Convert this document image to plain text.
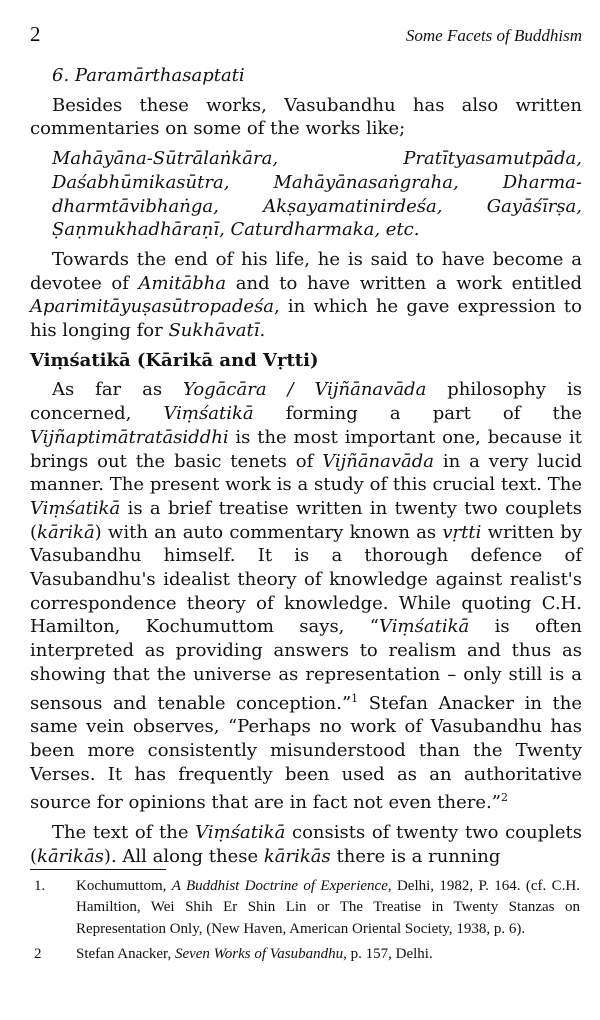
2	Some Facets of Buddhism

6. Paramārthasaptati

Besides these works, Vasubandhu has also written commentaries on some of the works like;

Mahāyāna-Sūtrālaṅkāra, Pratītyasamutpāda, Daśabhūmikasūtra, Mahāyānasaṅgraha, Dharma-dharmtāvibhaṅga, Akṣayamatinirdeśa, Gayāśīrṣa, Ṣaṇmukhadhāraṇī, Caturdharmaka, etc.

Towards the end of his life, he is said to have become a devotee of Amitābha and to have written a work entitled Aparimitāyuṣasūtropadeśa, in which he gave expression to his longing for Sukhāvatī.

Viṃśatikā (Kārikā and Vṛtti)

As far as Yogācāra / Vijñānavāda philosophy is concerned, Viṃśatikā forming a part of the Vijñaptimātratāsiddhi is the most important one, because it brings out the basic tenets of Vijñānavāda in a very lucid manner. The present work is a study of this crucial text. The Viṃśatikā is a brief treatise written in twenty two couplets (kārikā) with an auto commentary known as vṛtti written by Vasubandhu himself. It is a thorough defence of Vasubandhu's idealist theory of knowledge against realist's correspondence theory of knowledge. While quoting C.H. Hamilton, Kochumuttom says, “Viṃśatikā is often interpreted as providing answers to realism and thus as showing that the universe as representation – only still is a sensous and tenable conception.”$^1$ Stefan Anacker in the same vein observes, “Perhaps no work of Vasubandhu has been more consistently misunderstood than the Twenty Verses. It has frequently been used as an authoritative source for opinions that are in fact not even there.”$^2$

The text of the Viṃśatikā consists of twenty two couplets (kārikās). All along these kārikās there is a running

1. Kochumuttom, A Buddhist Doctrine of Experience, Delhi, 1982, P. 164. (cf. C.H. Hamiltion, Wei Shih Er Shin Lin or The Treatise in Twenty Stanzas on Representation Only, (New Haven, American Oriental Society, 1938, p. 6).

2 Stefan Anacker, Seven Works of Vasubandhu, p. 157, Delhi.
